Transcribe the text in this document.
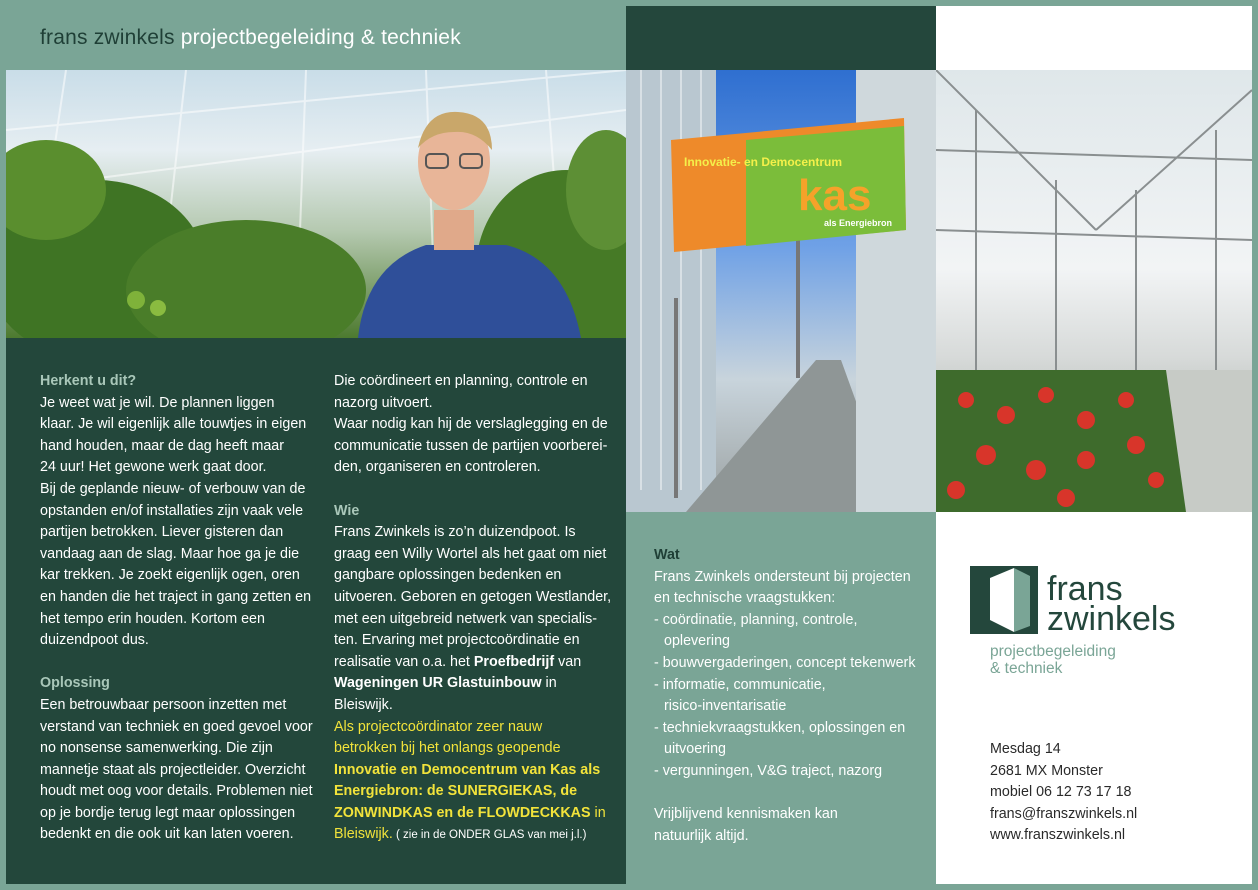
frans zwinkels projectbegeleiding & techniek
Innovatie- en Democentrum
kas
als Energiebron
Herkent u dit?

Je weet wat je wil. De plannen liggen

klaar. Je wil eigenlijk alle touwtjes in eigen

hand houden, maar de dag heeft maar

24 uur! Het gewone werk gaat door.

Bij de geplande nieuw- of verbouw van de

opstanden en/of installaties zijn vaak vele

partijen betrokken. Liever gisteren dan

vandaag aan de slag. Maar hoe ga je die

kar trekken. Je zoekt eigenlijk ogen, oren

en handen die het traject in gang zetten en

het tempo erin houden. Kortom een

duizendpoot dus.

Oplossing

Een betrouwbaar persoon inzetten met

verstand van techniek en goed gevoel voor

no nonsense samenwerking. Die zijn

mannetje staat als projectleider. Overzicht

houdt met oog voor details. Problemen niet

op je bordje terug legt maar oplossingen

bedenkt en die ook uit kan laten voeren.

Die coördineert en planning, controle en

nazorg uitvoert.

Waar nodig kan hij de verslaglegging en de

communicatie tussen de partijen voorberei-

den, organiseren en controleren.

Wie

Frans Zwinkels is zo’n duizendpoot. Is

graag een Willy Wortel als het gaat om niet

gangbare oplossingen bedenken en

uitvoeren. Geboren en getogen Westlander,

met een uitgebreid netwerk van specialis-

ten. Ervaring met projectcoördinatie en

realisatie van o.a. het Proefbedrijf van

Wageningen UR Glastuinbouw in

Bleiswijk.

Als projectcoördinator zeer nauw

betrokken bij het onlangs geopende

Innovatie en Democentrum van Kas als

Energiebron: de SUNERGIEKAS, de

ZONWINDKAS en de FLOWDECKKAS in

Bleiswijk. ( zie in de ONDER GLAS van mei j.l.)

Wat

Frans Zwinkels ondersteunt bij projecten

en technische vraagstukken:

- coördinatie, planning, controle,

oplevering

- bouwvergaderingen, concept tekenwerk

- informatie, communicatie,

risico-inventarisatie

- techniekvraagstukken, oplossingen en

uitvoering

- vergunningen, V&G traject, nazorg

Vrijblijvend kennismaken kan

natuurlijk altijd.

frans
zwinkels
projectbegeleiding
& techniek

Mesdag 14

2681 MX Monster

mobiel 06 12 73 17 18

frans@franszwinkels.nl

www.franszwinkels.nl
